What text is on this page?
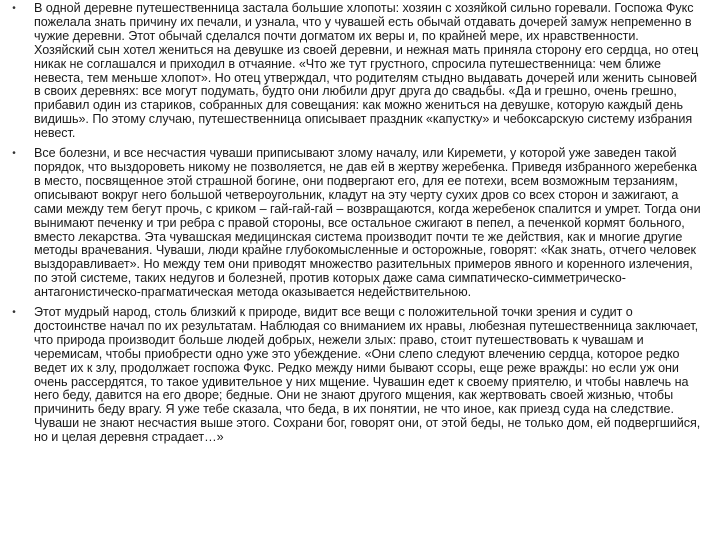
•	В одной деревне путешественница застала большие хлопоты: хозяин с хозяйкой сильно горевали. Госпожа Фукс пожелала знать причину их печали, и узнала, что у чувашей есть обычай отдавать дочерей замуж непременно в чужие деревни. Этот обычай сделался почти догматом их веры и, по крайней мере, их нравственности. Хозяйский сын хотел жениться на девушке из своей деревни, и нежная мать приняла сторону его сердца, но отец никак не соглашался и приходил в отчаяние. «Что же тут грустного, спросила путешественница: чем ближе невеста, тем меньше хлопот». Но отец утверждал, что родителям стыдно выдавать дочерей или женить сыновей в своих деревнях: все могут подумать, будто они любили друг друга до свадьбы. «Да и грешно, очень грешно, прибавил один из стариков, собранных для совещания: как можно жениться на девушке, которую каждый день видишь». По этому случаю, путешественница описывает праздник «капустку» и чебоксарскую систему избрания невест.
•	Все болезни, и все несчастия чуваши приписывают злому началу, или Киремети, у которой уже заведен такой порядок, что выздороветь никому не позволяется, не дав ей в жертву жеребенка. Приведя избранного жеребенка в место, посвященное этой страшной богине, они подвергают его, для ее потехи, всем возможным терзаниям, описывают вокруг него большой четвероугольник, кладут на эту черту сухих дров со всех сторон и зажигают, а сами между тем бегут прочь, с криком – гай-гай-гай – возвращаются, когда жеребенок спалится и умрет. Тогда они вынимают печенку и три ребра с правой стороны, все остальное сжигают в пепел, а печенкой кормят больного, вместо лекарства. Эта чувашская медицинская система производит почти те же действия, как и многие другие методы врачевания. Чуваши, люди крайне глубокомысленные и осторожные, говорят: «Как знать, отчего человек выздоравливает». Но между тем они приводят множество разительных примеров явного и коренного излечения, по этой системе, таких недугов и болезней, против которых даже сама симпатическо-симметрическо-антагонистическо-прагматическая метода оказывается недействительною.
•	Этот мудрый народ, столь близкий к природе, видит все вещи с положительной точки зрения и судит о достоинстве начал по их результатам. Наблюдая со вниманием их нравы, любезная путешественница заключает, что природа производит больше людей добрых, нежели злых: право, стоит путешествовать к чувашам и черемисам, чтобы приобрести одно уже это убеждение. «Они слепо следуют влечению сердца, которое редко ведет их к злу, продолжает госпожа Фукс. Редко между ними бывают ссоры, еще реже вражды: но если уж они очень рассердятся, то такое удивительное у них мщение. Чувашин едет к своему приятелю, и чтобы навлечь на него беду, давится на его дворе; бедные. Они не знают другого мщения, как жертвовать своей жизнью, чтобы причинить беду врагу. Я уже тебе сказала, что беда, в их понятии, не что иное, как приезд суда на следствие. Чуваши не знают несчастия выше этого. Сохрани бог, говорят они, от этой беды, не только дом, ей подвергшийся, но и целая деревня страдает…»
